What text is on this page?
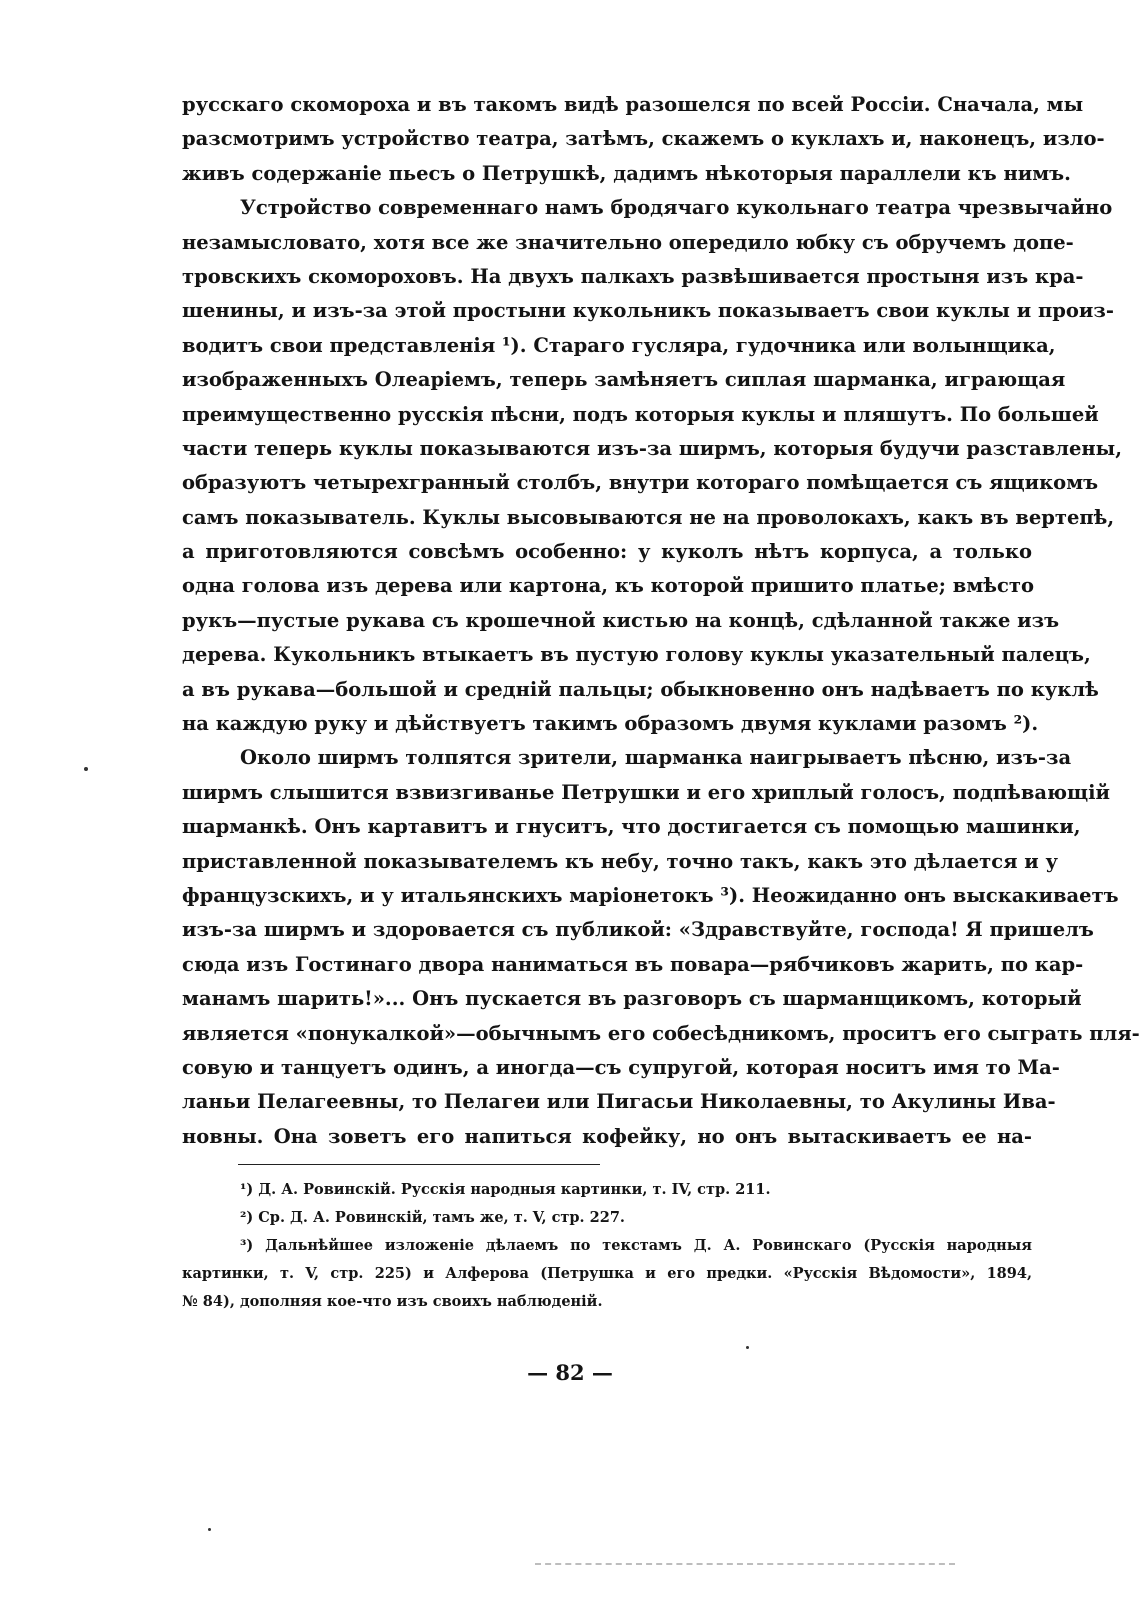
русскаго скомороха и въ такомъ видѣ разошелся по всей Россіи. Сначала, мы
разсмотримъ устройство театра, затѣмъ, скажемъ о куклахъ и, наконецъ, изло-
живъ содержаніе пьесъ о Петрушкѣ, дадимъ нѣкоторыя параллели къ нимъ.
Устройство современнаго намъ бродячаго кукольнаго театра чрезвычайно
незамысловато, хотя все же значительно опередило юбку съ обручемъ допе-
тровскихъ скомороховъ. На двухъ палкахъ развѣшивается простыня изъ кра-
шенины, и изъ-за этой простыни кукольникъ показываетъ свои куклы и произ-
водитъ свои представленія ¹). Стараго гусляра, гудочника или волынщика,
изображенныхъ Олеаріемъ, теперь замѣняетъ сиплая шарманка, играющая
преимущественно русскія пѣсни, подъ которыя куклы и пляшутъ. По большей
части теперь куклы показываются изъ-за ширмъ, которыя будучи разставлены,
образуютъ четырехгранный столбъ, внутри котораго помѣщается съ ящикомъ
самъ показыватель. Куклы высовываются не на проволокахъ, какъ въ вертепѣ,
а приготовляются совсѣмъ особенно: у куколъ нѣтъ корпуса, а только
одна голова изъ дерева или картона, къ которой пришито платье; вмѣсто
рукъ—пустые рукава съ крошечной кистью на концѣ, сдѣланной также изъ
дерева. Кукольникъ втыкаетъ въ пустую голову куклы указательный палецъ,
а въ рукава—большой и средній пальцы; обыкновенно онъ надѣваетъ по куклѣ
на каждую руку и дѣйствуетъ такимъ образомъ двумя куклами разомъ ²).
Около ширмъ толпятся зрители, шарманка наигрываетъ пѣсню, изъ-за
ширмъ слышится взвизгиванье Петрушки и его хриплый голосъ, подпѣвающій
шарманкѣ. Онъ картавитъ и гнуситъ, что достигается съ помощью машинки,
приставленной показывателемъ къ небу, точно такъ, какъ это дѣлается и у
французскихъ, и у итальянскихъ маріонетокъ ³). Неожиданно онъ выскакиваетъ
изъ-за ширмъ и здоровается съ публикой: «Здравствуйте, господа! Я пришелъ
сюда изъ Гостинаго двора наниматься въ повара—рябчиковъ жарить, по кар-
манамъ шарить!»... Онъ пускается въ разговоръ съ шарманщикомъ, который
является «понукалкой»—обычнымъ его собесѣдникомъ, проситъ его сыграть пля-
совую и танцуетъ одинъ, а иногда—съ супругой, которая носитъ имя то Ма-
ланьи Пелагеевны, то Пелагеи или Пигасьи Николаевны, то Акулины Ива-
новны. Она зоветъ его напиться кофейку, но онъ вытаскиваетъ ее на-
¹) Д. А. Ровинскій. Русскія народныя картинки, т. IV, стр. 211.
²) Ср. Д. А. Ровинскій, тамъ же, т. V, стр. 227.
³) Дальнѣйшее изложеніе дѣлаемъ по текстамъ Д. А. Ровинскаго (Русскія народныя
картинки, т. V, стр. 225) и Алферова (Петрушка и его предки. «Русскія Вѣдомости», 1894,
№ 84), дополняя кое-что изъ своихъ наблюденій.
— 82 —
